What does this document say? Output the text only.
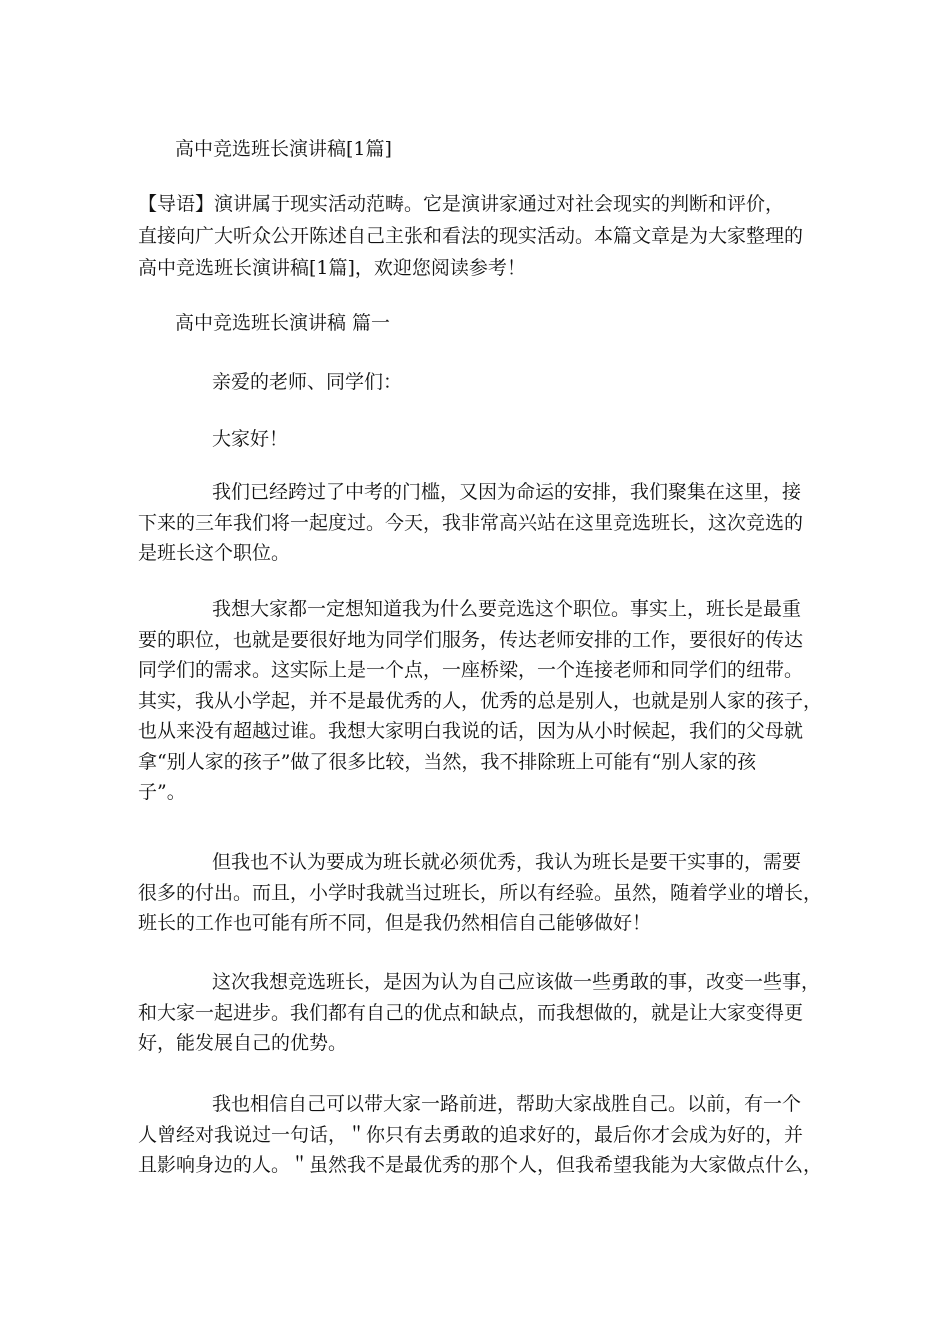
高中竞选班长演讲稿[1篇]
【导语】演讲属于现实活动范畴。它是演讲家通过对社会现实的判断和评价，
直接向广大听众公开陈述自己主张和看法的现实活动。本篇文章是为大家整理的
高中竞选班长演讲稿[1篇]，欢迎您阅读参考！
高中竞选班长演讲稿 篇一
亲爱的老师、同学们：
大家好！
我们已经跨过了中考的门槛，又因为命运的安排，我们聚集在这里，接
下来的三年我们将一起度过。今天，我非常高兴站在这里竞选班长，这次竞选的
是班长这个职位。
我想大家都一定想知道我为什么要竞选这个职位。事实上，班长是最重
要的职位，也就是要很好地为同学们服务，传达老师安排的工作，要很好的传达
同学们的需求。这实际上是一个点，一座桥梁，一个连接老师和同学们的纽带。
其实，我从小学起，并不是最优秀的人，优秀的总是别人，也就是别人家的孩子，
也从来没有超越过谁。我想大家明白我说的话，因为从小时候起，我们的父母就
拿“别人家的孩子”做了很多比较，当然，我不排除班上可能有“别人家的孩
子”。
但我也不认为要成为班长就必须优秀，我认为班长是要干实事的，需要
很多的付出。而且，小学时我就当过班长，所以有经验。虽然，随着学业的增长，
班长的工作也可能有所不同，但是我仍然相信自己能够做好！
这次我想竞选班长，是因为认为自己应该做一些勇敢的事，改变一些事，
和大家一起进步。我们都有自己的优点和缺点，而我想做的，就是让大家变得更
好，能发展自己的优势。
我也相信自己可以带大家一路前进，帮助大家战胜自己。以前，有一个
人曾经对我说过一句话，＂你只有去勇敢的追求好的，最后你才会成为好的，并
且影响身边的人。＂虽然我不是最优秀的那个人，但我希望我能为大家做点什么，
